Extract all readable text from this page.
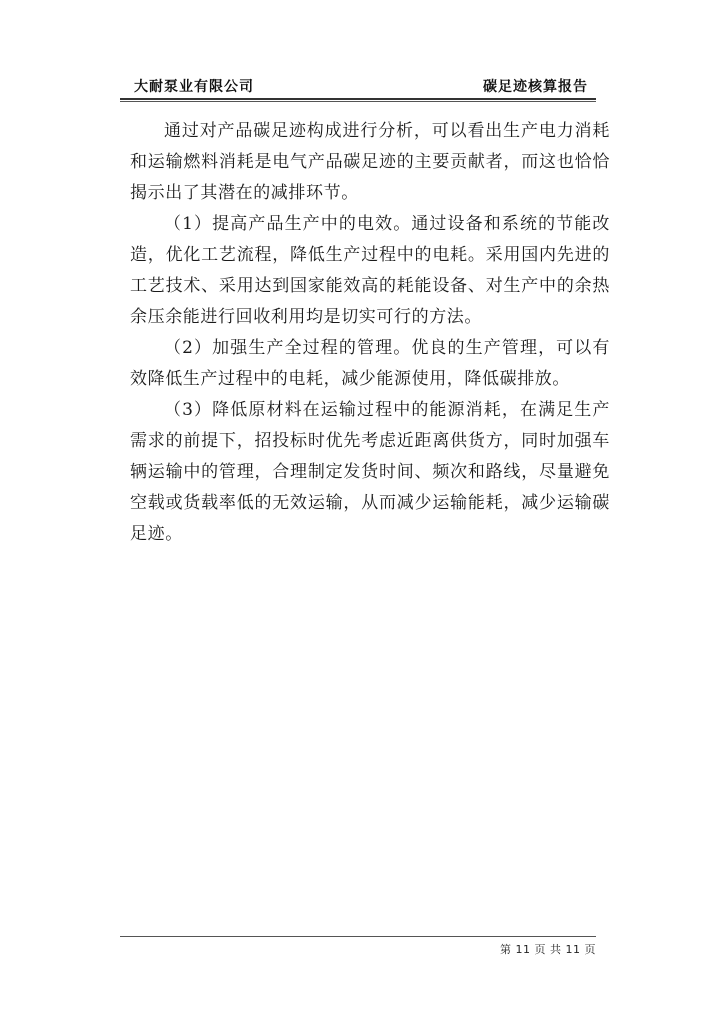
大耐泵业有限公司	碳足迹核算报告

通过对产品碳足迹构成进行分析，可以看出生产电力消耗和运输燃料消耗是电气产品碳足迹的主要贡献者，而这也恰恰揭示出了其潜在的减排环节。

（1）提高产品生产中的电效。通过设备和系统的节能改造，优化工艺流程，降低生产过程中的电耗。采用国内先进的工艺技术、采用达到国家能效高的耗能设备、对生产中的余热余压余能进行回收利用均是切实可行的方法。

（2）加强生产全过程的管理。优良的生产管理，可以有效降低生产过程中的电耗，减少能源使用，降低碳排放。

（3）降低原材料在运输过程中的能源消耗，在满足生产需求的前提下，招投标时优先考虑近距离供货方，同时加强车辆运输中的管理，合理制定发货时间、频次和路线，尽量避免空载或货载率低的无效运输，从而减少运输能耗，减少运输碳足迹。

第 11 页 共 11 页
